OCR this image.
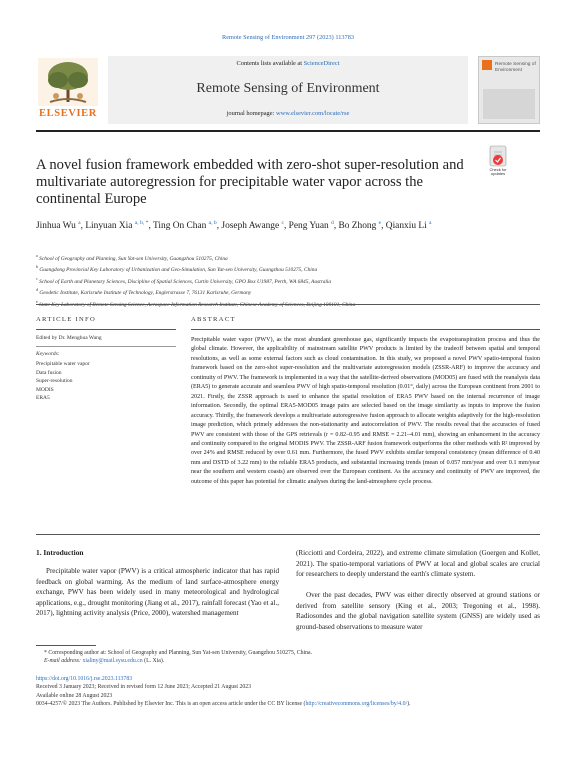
Remote Sensing of Environment 297 (2023) 113783
Contents lists available at ScienceDirect
Remote Sensing of Environment
journal homepage: www.elsevier.com/locate/rse
ELSEVIER
Remote Sensing of Environment
Check for updates
A novel fusion framework embedded with zero-shot super-resolution and multivariate autoregression for precipitable water vapor across the continental Europe
Jinhua Wu $^a$, Linyuan Xia $^{a, b, *}$, Ting On Chan $^{a, b}$, Joseph Awange $^c$, Peng Yuan $^d$, Bo Zhong $^e$, Qianxiu Li $^a$
$^a$ School of Geography and Planning, Sun Yat-sen University, Guangzhou 510275, China
$^b$ Guangdong Provincial Key Laboratory of Urbanization and Geo-Simulation, Sun Yat-sen University, Guangzhou 510275, China
$^c$ School of Earth and Planetary Sciences, Discipline of Spatial Sciences, Curtin University, GPO Box U1987, Perth, WA 6845, Australia
$^d$ Geodetic Institute, Karlsruhe Institute of Technology, Englerstrasse 7, 76131 Karlsruhe, Germany
$^e$
ARTICLE INFO
Edited by Dr. Menghua Wang
Keywords:
Precipitable water vapor
Data fusion
Super-resolution
MODIS
ERA5
ABSTRACT
Precipitable water vapor (PWV), as the most abundant greenhouse gas, significantly impacts the evapotranspiration process and thus the global climate. However, the applicability of mainstream satellite PWV products is limited by the tradeoff between spatial and temporal resolutions, as well as some external factors such as cloud contamination. In this study, we proposed a novel PWV spatio-temporal fusion framework based on the zero-shot super-resolution and the multivariate autoregression models (ZSSR-ARF) to improve the accuracy and continuity of PWV. The framework is implemented in a way that the satellite-derived observations (MOD05) are fused with the reanalysis data (ERA5) to generate accurate and seamless PWV of high spatio-temporal resolution (0.01°, daily) across the European continent from 2001 to 2021. Firstly, the ZSSR approach is used to enhance the spatial resolution of ERA5 PWV based on the internal recurrence of image information. Secondly, the optimal ERA5-MOD05 image pairs are selected based on the image similarity as inputs to improve the fusion accuracy. Thirdly, the framework develops a multivariate autoregressive fusion approach to allocate weights adaptively for the high-resolution image prediction, which primely addresses the non-stationarity and autocorrelation of PWV. The results reveal that the accuracies of fused PWV are consistent with those of the GPS retrievals (r = 0.82–0.95 and RMSE = 2.21–4.01 mm), showing an enhancement in the accuracy and continuity compared to the original MODIS PWV. The ZSSR-ARF fusion framework outperforms the other methods with R² improved by over 24% and RMSE reduced by over 0.61 mm. Furthermore, the fused PWV exhibits similar temporal consistency (mean difference of 0.40 mm and DSTD of 3.22 mm) to the reliable ERA5 products, and substantial increasing trends (mean of 0.057 mm/year and over 0.1 mm/year near the southern and western coasts) are observed over the European continent. As the accuracy and continuity of PWV are improved, the outcome of this paper has potential for climatic analyses during the land-atmosphere cycle process.
1. Introduction
Precipitable water vapor (PWV) is a critical atmospheric indicator that has rapid feedback on global warming. As the medium of land surface-atmosphere energy exchange, PWV has been widely used in many meteorological and hydrological applications, e.g., drought monitoring (Jiang et al., 2017), rainfall forecast (Yao et al., 2017), lightning activity analysis (Price, 2000), watershed management
(Ricciotti and Cordeira, 2022), and extreme climate simulation (Goergen and Kollet, 2021). The spatio-temporal variations of PWV at local and global scales are crucial for researchers to deeply understand the earth's climate system.
Over the past decades, PWV was either directly observed at ground stations or derived from satellite sensory (King et al., 2003; Tregoning et al., 1998). Radiosondes and the global navigation satellite system (GNSS) are widely used as ground-based observations to measure water
* Corresponding author at: School of Geography and Planning, Sun Yat-sen University, Guangzhou 510275, China.
E-mail address: xialiny@mail.sysu.edu.cn (L. Xia).
https://doi.org/10.1016/j.rse.2023.113783
Received 3 January 2023; Received in revised form 12 June 2023; Accepted 21 August 2023
Available online 28 August 2023
0034-4257/© 2023 The Authors. Published by Elsevier Inc. This is an open access article under the CC BY license (http://creativecommons.org/licenses/by/4.0/).
